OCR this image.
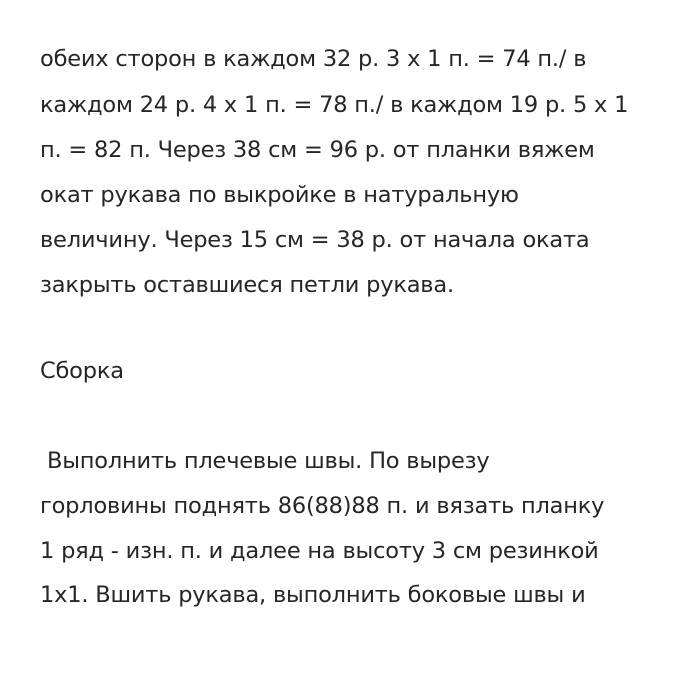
обеих сторон в каждом 32 р. 3 х 1 п. = 74 п./ в
каждом 24 р. 4 х 1 п. = 78 п./ в каждом 19 р. 5 х 1
п. = 82 п. Через 38 см = 96 р. от планки вяжем
окат рукава по выкройке в натуральную
величину. Через 15 см = 38 р. от начала оката
закрыть оставшиеся петли рукава.
Сборка
Выполнить плечевые швы. По вырезу
горловины поднять 86(88)88 п. и вязать планку
1 ряд - изн. п. и далее на высоту 3 см резинкой
1х1. Вшить рукава, выполнить боковые швы и
